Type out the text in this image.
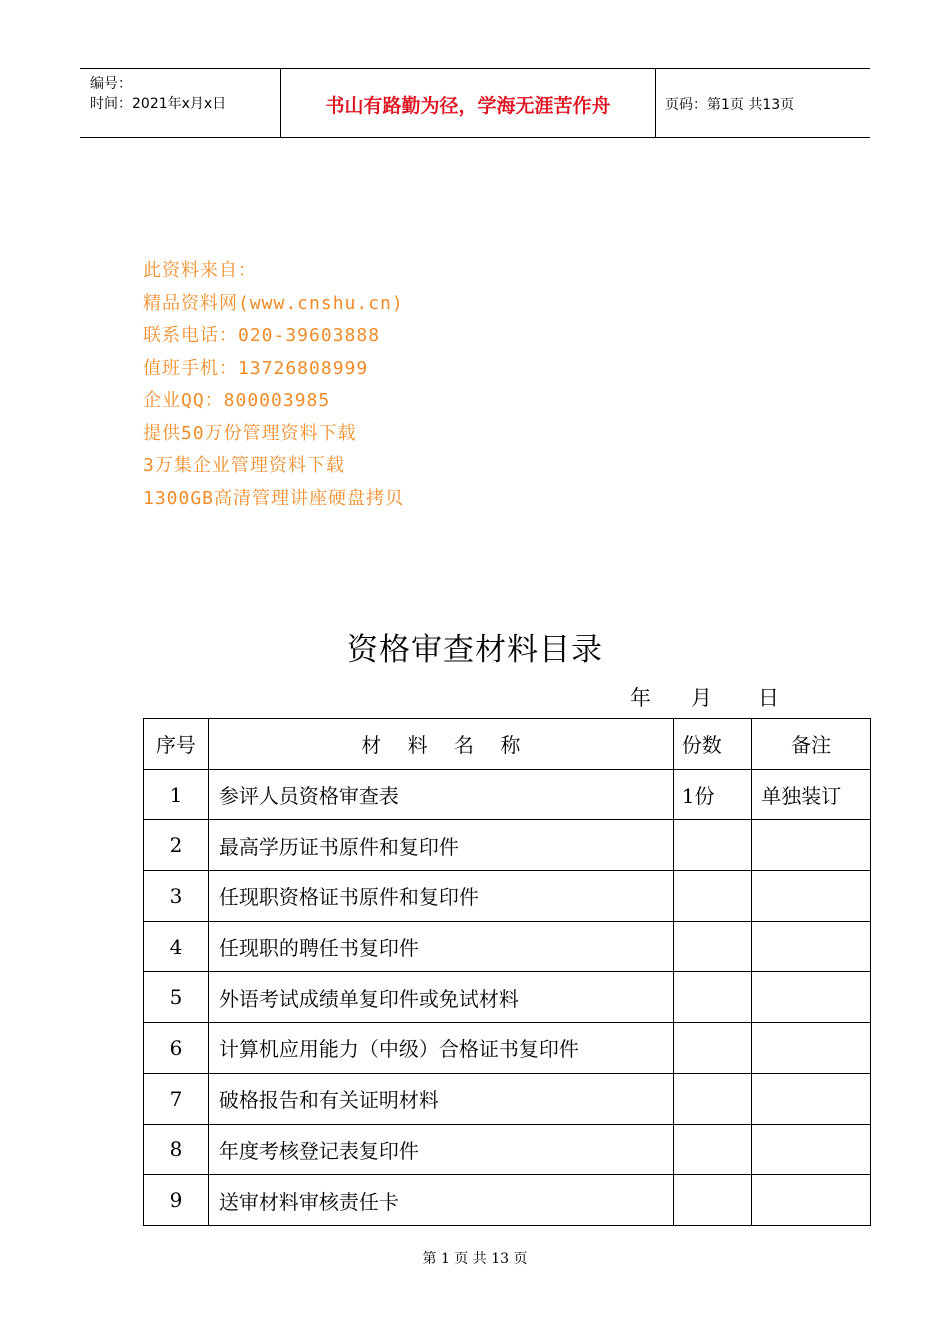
编号：
时间：2021年x月x日	书山有路勤为径，学海无涯苦作舟	页码：第1页 共13页
此资料来自：
精品资料网(www.cnshu.cn)
联系电话：020-39603888
值班手机：13726808999
企业QQ：800003985
提供50万份管理资料下载
3万集企业管理资料下载
1300GB高清管理讲座硬盘拷贝
资格审查材料目录
年 月 日
序号	材 料 名 称	份数	备注
1	参评人员资格审查表	1份	单独装订
2	最高学历证书原件和复印件		
3	任现职资格证书原件和复印件		
4	任现职的聘任书复印件		
5	外语考试成绩单复印件或免试材料		
6	计算机应用能力（中级）合格证书复印件		
7	破格报告和有关证明材料		
8	年度考核登记表复印件		
9	送审材料审核责任卡		
第 1 页 共 13 页
